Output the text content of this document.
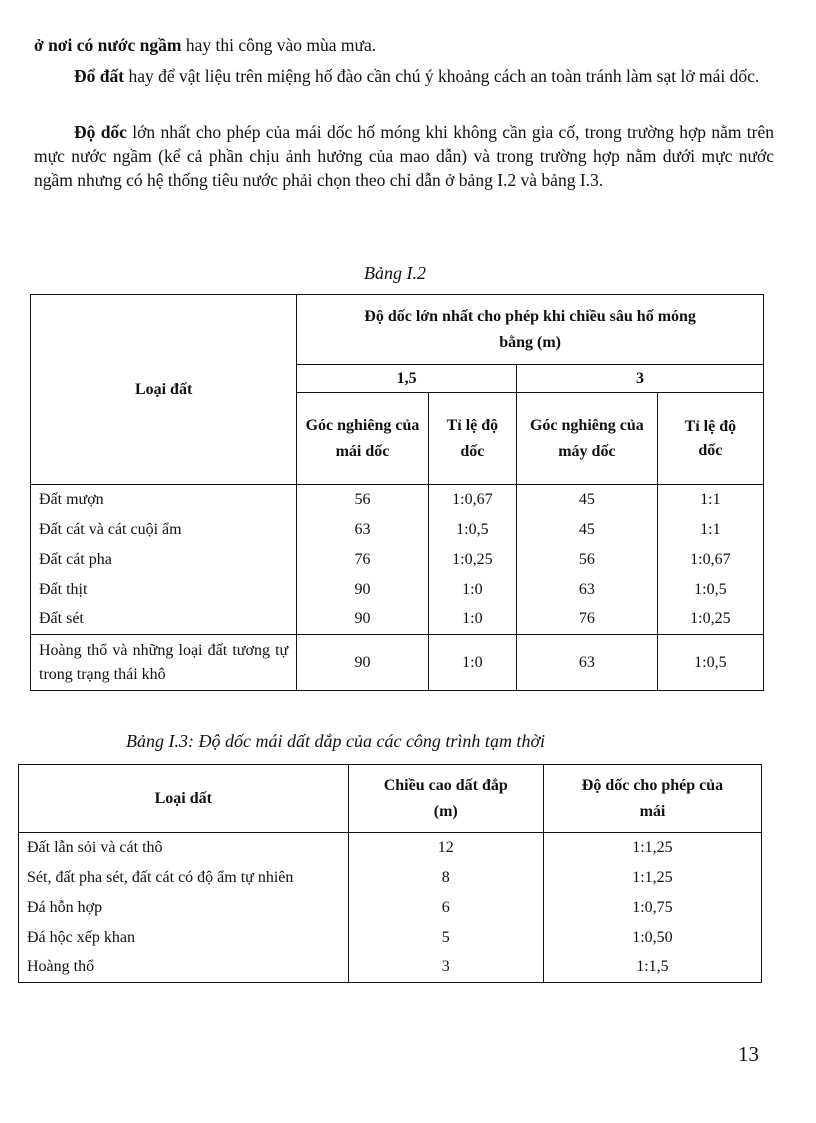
ở nơi có nước ngầm hay thi công vào mùa mưa.

Đổ đất hay để vật liệu trên miệng hố đào cần chú ý khoảng cách an toàn tránh làm sạt lở mái dốc.

Độ dốc lớn nhất cho phép của mái dốc hố móng khi không cần gia cố, trong trường hợp nằm trên mực nước ngầm (kể cả phần chịu ảnh hưởng của mao dẫn) và trong trường hợp nằm dưới mực nước ngầm nhưng có hệ thống tiêu nước phải chọn theo chỉ dẫn ở bảng I.2 và bảng I.3.

Bảng I.2

Loại đất	Độ dốc lớn nhất cho phép khi chiều sâu hố móng bằng (m)			
	1,5		3	
	Góc nghiêng của mái dốc	Tỉ lệ độ dốc	Góc nghiêng của máy dốc	Tỉ lệ độ dốc
Đất mượn	56	1:0,67	45	1:1
Đất cát và cát cuội ẩm	63	1:0,5	45	1:1
Đất cát pha	76	1:0,25	56	1:0,67
Đất thịt	90	1:0	63	1:0,5
Đất sét	90	1:0	76	1:0,25
Hoàng thổ và những loại đất tương tự trong trạng thái khô	90	1:0	63	1:0,5

Bảng I.3: Độ dốc mái dất dắp của các công trình tạm thời

Loại dất	Chiều cao dất đắp (m)	Độ dốc cho phép của mái
Đất lẫn sỏi và cát thô	12	1:1,25
Sét, đất pha sét, đất cát có độ ẩm tự nhiên	8	1:1,25
Đá hỗn hợp	6	1:0,75
Đá hộc xếp khan	5	1:0,50
Hoàng thổ	3	1:1,5

13
